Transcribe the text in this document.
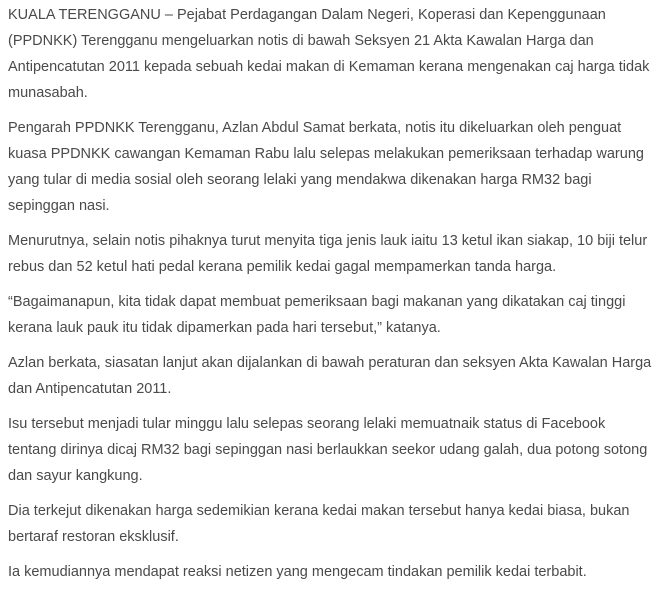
KUALA TERENGGANU – Pejabat Perdagangan Dalam Negeri, Koperasi dan Kepenggunaan (PPDNKK) Terengganu mengeluarkan notis di bawah Seksyen 21 Akta Kawalan Harga dan Antipencatutan 2011 kepada sebuah kedai makan di Kemaman kerana mengenakan caj harga tidak munasabah.

Pengarah PPDNKK Terengganu, Azlan Abdul Samat berkata, notis itu dikeluarkan oleh penguat kuasa PPDNKK cawangan Kemaman Rabu lalu selepas melakukan pemeriksaan terhadap warung yang tular di media sosial oleh seorang lelaki yang mendakwa dikenakan harga RM32 bagi sepinggan nasi.

Menurutnya, selain notis pihaknya turut menyita tiga jenis lauk iaitu 13 ketul ikan siakap, 10 biji telur rebus dan 52 ketul hati pedal kerana pemilik kedai gagal mempamerkan tanda harga.

“Bagaimanapun, kita tidak dapat membuat pemeriksaan bagi makanan yang dikatakan caj tinggi kerana lauk pauk itu tidak dipamerkan pada hari tersebut,” katanya.

Azlan berkata, siasatan lanjut akan dijalankan di bawah peraturan dan seksyen Akta Kawalan Harga dan Antipencatutan 2011.

Isu tersebut menjadi tular minggu lalu selepas seorang lelaki memuatnaik status di Facebook tentang dirinya dicaj RM32 bagi sepinggan nasi berlaukkan seekor udang galah, dua potong sotong dan sayur kangkung.

Dia terkejut dikenakan harga sedemikian kerana kedai makan tersebut hanya kedai biasa, bukan bertaraf restoran eksklusif.

Ia kemudiannya mendapat reaksi netizen yang mengecam tindakan pemilik kedai terbabit.
